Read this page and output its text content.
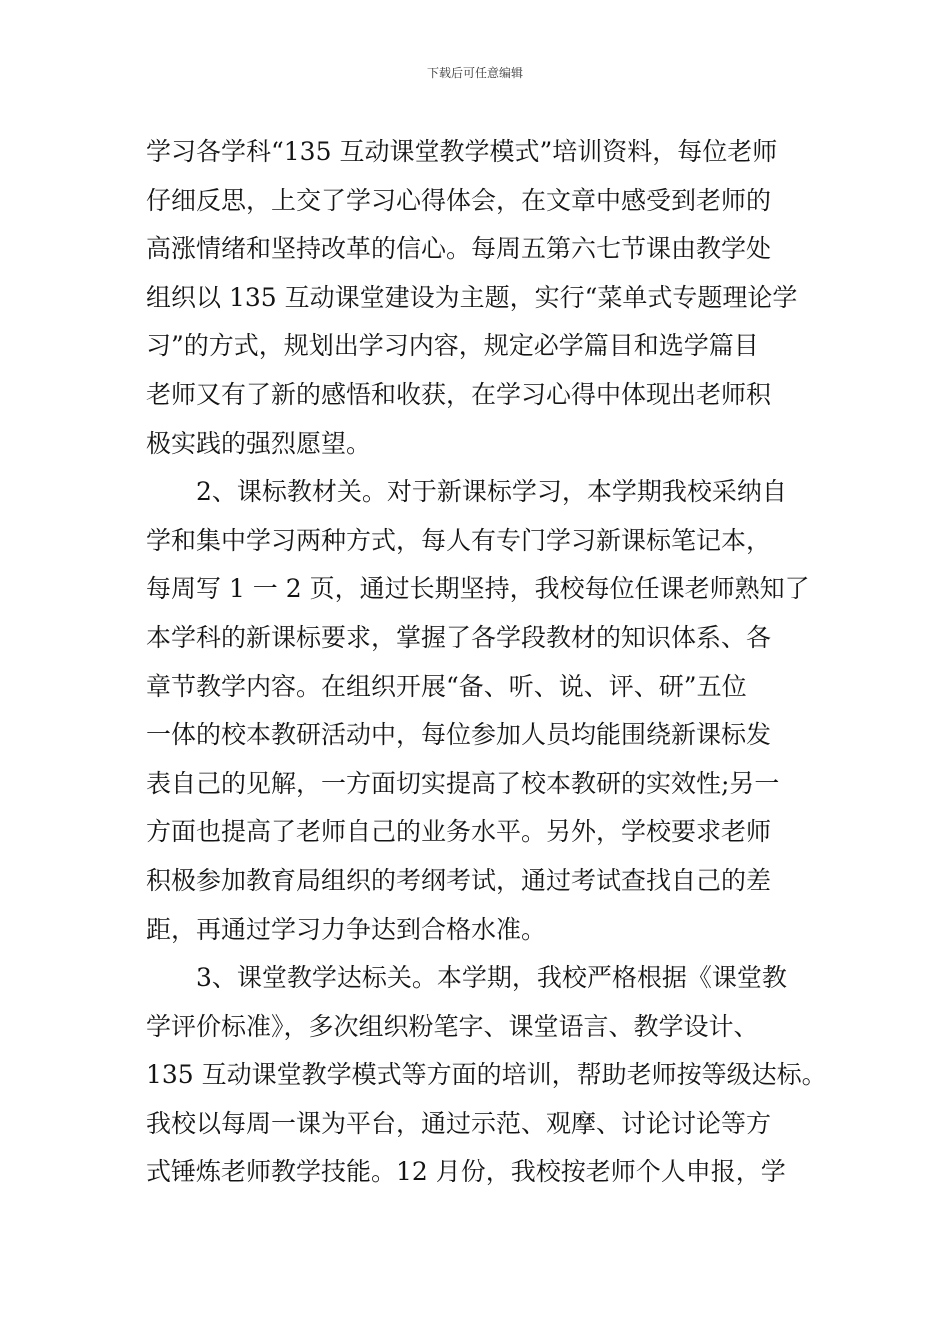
下载后可任意编辑
学习各学科“135 互动课堂教学模式”培训资料，每位老师
仔细反思，上交了学习心得体会，在文章中感受到老师的
高涨情绪和坚持改革的信心。每周五第六七节课由教学处
组织以 135 互动课堂建设为主题，实行“菜单式专题理论学
习”的方式，规划出学习内容，规定必学篇目和选学篇目
老师又有了新的感悟和收获，在学习心得中体现出老师积
极实践的强烈愿望。
　　2、课标教材关。对于新课标学习，本学期我校采纳自
学和集中学习两种方式，每人有专门学习新课标笔记本，
每周写 1 一 2 页，通过长期坚持，我校每位任课老师熟知了
本学科的新课标要求，掌握了各学段教材的知识体系、各
章节教学内容。在组织开展“备、听、说、评、研”五位
一体的校本教研活动中，每位参加人员均能围绕新课标发
表自己的见解，一方面切实提高了校本教研的实效性;另一
方面也提高了老师自己的业务水平。另外，学校要求老师
积极参加教育局组织的考纲考试，通过考试查找自己的差
距，再通过学习力争达到合格水准。
　　3、课堂教学达标关。本学期，我校严格根据《课堂教
学评价标准》，多次组织粉笔字、课堂语言、教学设计、
135 互动课堂教学模式等方面的培训，帮助老师按等级达标。
我校以每周一课为平台，通过示范、观摩、讨论讨论等方
式锤炼老师教学技能。12 月份，我校按老师个人申报，学
